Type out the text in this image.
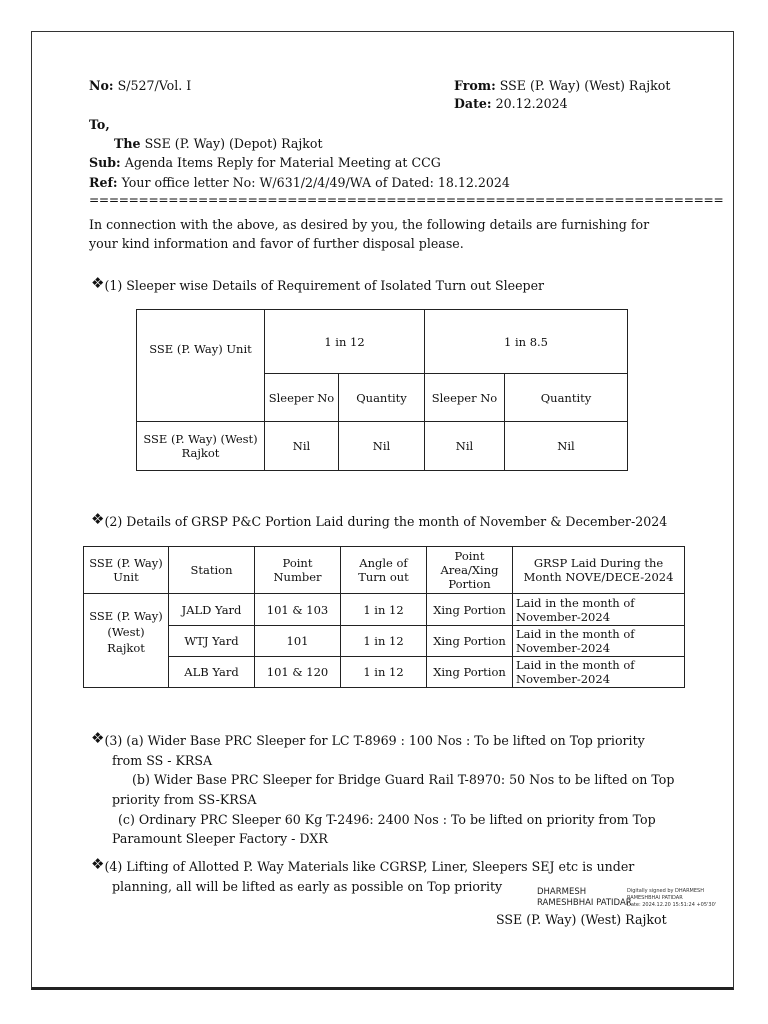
No: S/527/Vol. I	From: SSE (P. Way) (West) Rajkot
Date: 20.12.2024
To,
The SSE (P. Way) (Depot) Rajkot
Sub: Agenda Items Reply for Material Meeting at CCG
Ref: Your office letter No: W/631/2/4/49/WA of Dated: 18.12.2024
================================================================
In connection with the above, as desired by you, the following details are furnishing for
your kind information and favor of further disposal please.
❖(1) Sleeper wise Details of Requirement of Isolated Turn out Sleeper
SSE (P. Way) Unit	1 in 12		1 in 8.5	
	Sleeper No	Quantity	Sleeper No	Quantity
SSE (P. Way) (West) Rajkot	Nil	Nil	Nil	Nil
❖(2) Details of GRSP P&C Portion Laid during the month of November & December-2024
SSE (P. Way) Unit	Station	Point Number	Angle of Turn out	Point Area/Xing Portion	GRSP Laid During the Month NOVE/DECE-2024
SSE (P. Way) (West) Rajkot	JALD Yard	101 & 103	1 in 12	Xing Portion	Laid in the month of November-2024
	WTJ Yard	101	1 in 12	Xing Portion	Laid in the month of November-2024
	ALB Yard	101 & 120	1 in 12	Xing Portion	Laid in the month of November-2024
❖(3) (a) Wider Base PRC Sleeper for LC T-8969 : 100 Nos : To be lifted on Top priority
from SS - KRSA
(b) Wider Base PRC Sleeper for Bridge Guard Rail T-8970: 50 Nos to be lifted on Top
priority from SS-KRSA
(c) Ordinary PRC Sleeper 60 Kg T-2496: 2400 Nos : To be lifted on priority from Top
Paramount Sleeper Factory - DXR
❖(4) Lifting of Allotted P. Way Materials like CGRSP, Liner, Sleepers SEJ etc is under
planning, all will be lifted as early as possible on Top priority	DHARMESH
RAMESHBHAI PATIDAR
Digitally signed by DHARMESH
RAMESHBHAI PATIDAR
Date: 2024.12.20 15:51:24 +05'30'
SSE (P. Way) (West) Rajkot
